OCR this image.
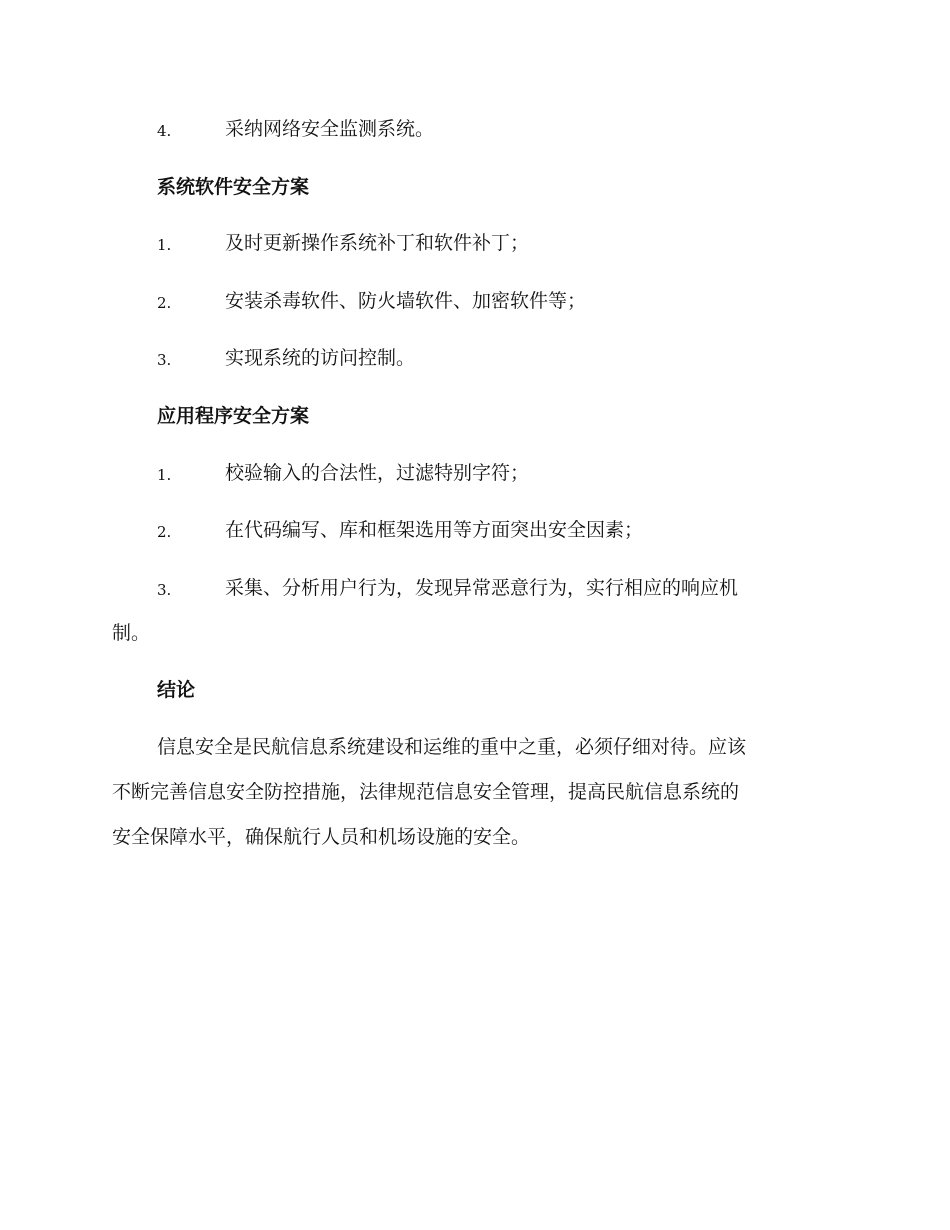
4.	采纳网络安全监测系统。
系统软件安全方案
1.	及时更新操作系统补丁和软件补丁；
2.	安装杀毒软件、防火墙软件、加密软件等；
3.	实现系统的访问控制。
应用程序安全方案
1.	校验输入的合法性，过滤特别字符；
2.	在代码编写、库和框架选用等方面突出安全因素；
3.	采集、分析用户行为，发现异常恶意行为，实行相应的响应机
制。
结论
信息安全是民航信息系统建设和运维的重中之重，必须仔细对待。应该
不断完善信息安全防控措施，法律规范信息安全管理，提高民航信息系统的
安全保障水平，确保航行人员和机场设施的安全。
